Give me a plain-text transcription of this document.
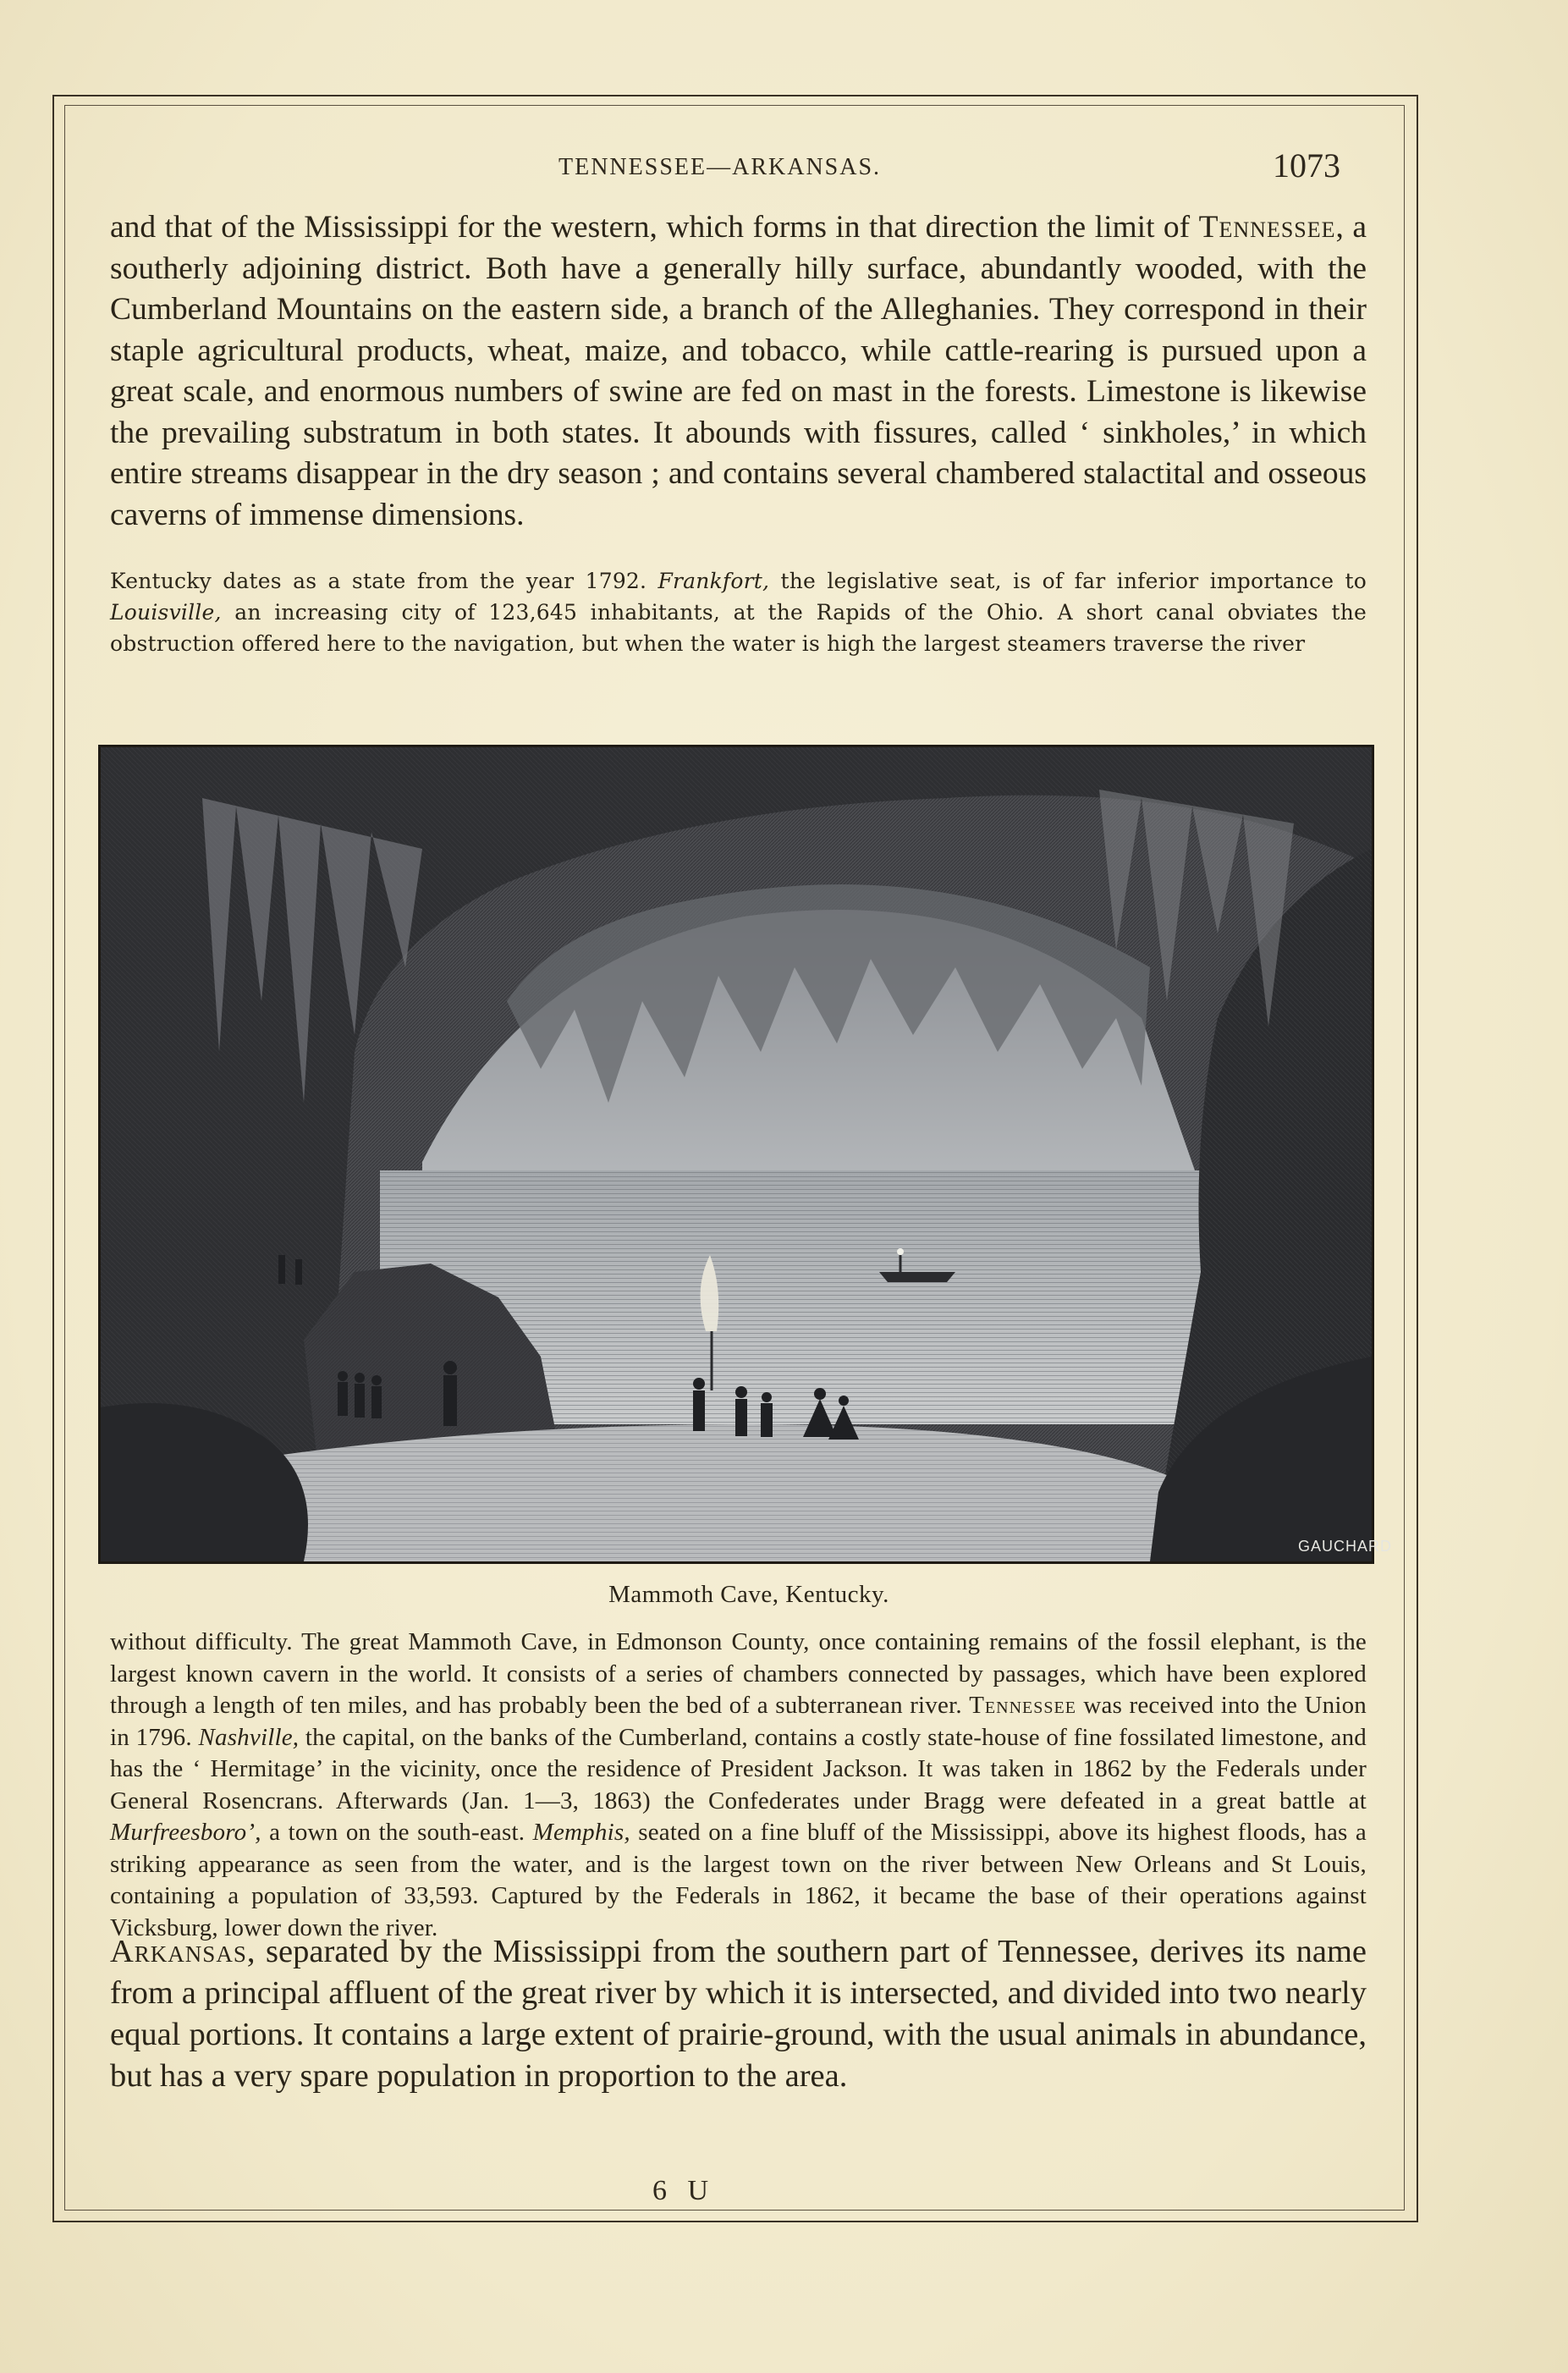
TENNESSEE—ARKANSAS.	1073
and that of the Mississippi for the western, which forms in that direction the limit of Tennessee, a southerly adjoining district. Both have a generally hilly surface, abundantly wooded, with the Cumberland Mountains on the eastern side, a branch of the Alleghanies. They correspond in their staple agricultural products, wheat, maize, and tobacco, while cattle-rearing is pursued upon a great scale, and enormous numbers of swine are fed on mast in the forests. Limestone is likewise the prevailing substratum in both states. It abounds with fissures, called ‘ sinkholes,’ in which entire streams disappear in the dry season ; and contains several chambered stalactital and osseous caverns of immense dimensions.
Kentucky dates as a state from the year 1792. Frankfort, the legislative seat, is of far inferior importance to Louisville, an increasing city of 123,645 inhabitants, at the Rapids of the Ohio. A short canal obviates the obstruction offered here to the navigation, but when the water is high the largest steamers traverse the river
GAUCHARD
Mammoth Cave, Kentucky.
without difficulty. The great Mammoth Cave, in Edmonson County, once containing remains of the fossil elephant, is the largest known cavern in the world. It consists of a series of chambers connected by passages, which have been explored through a length of ten miles, and has probably been the bed of a subterranean river. Tennessee was received into the Union in 1796. Nashville, the capital, on the banks of the Cumberland, contains a costly state-house of fine fossilated limestone, and has the ‘ Hermitage’ in the vicinity, once the residence of President Jackson. It was taken in 1862 by the Federals under General Rosencrans. Afterwards (Jan. 1—3, 1863) the Confederates under Bragg were defeated in a great battle at Murfreesboro’, a town on the south-east. Memphis, seated on a fine bluff of the Mississippi, above its highest floods, has a striking appearance as seen from the water, and is the largest town on the river between New Orleans and St Louis, containing a population of 33,593. Captured by the Federals in 1862, it became the base of their operations against Vicksburg, lower down the river.
Arkansas, separated by the Mississippi from the southern part of Tennessee, derives its name from a principal affluent of the great river by which it is intersected, and divided into two nearly equal portions. It contains a large extent of prairie-ground, with the usual animals in abundance, but has a very spare population in proportion to the area.
6 U
